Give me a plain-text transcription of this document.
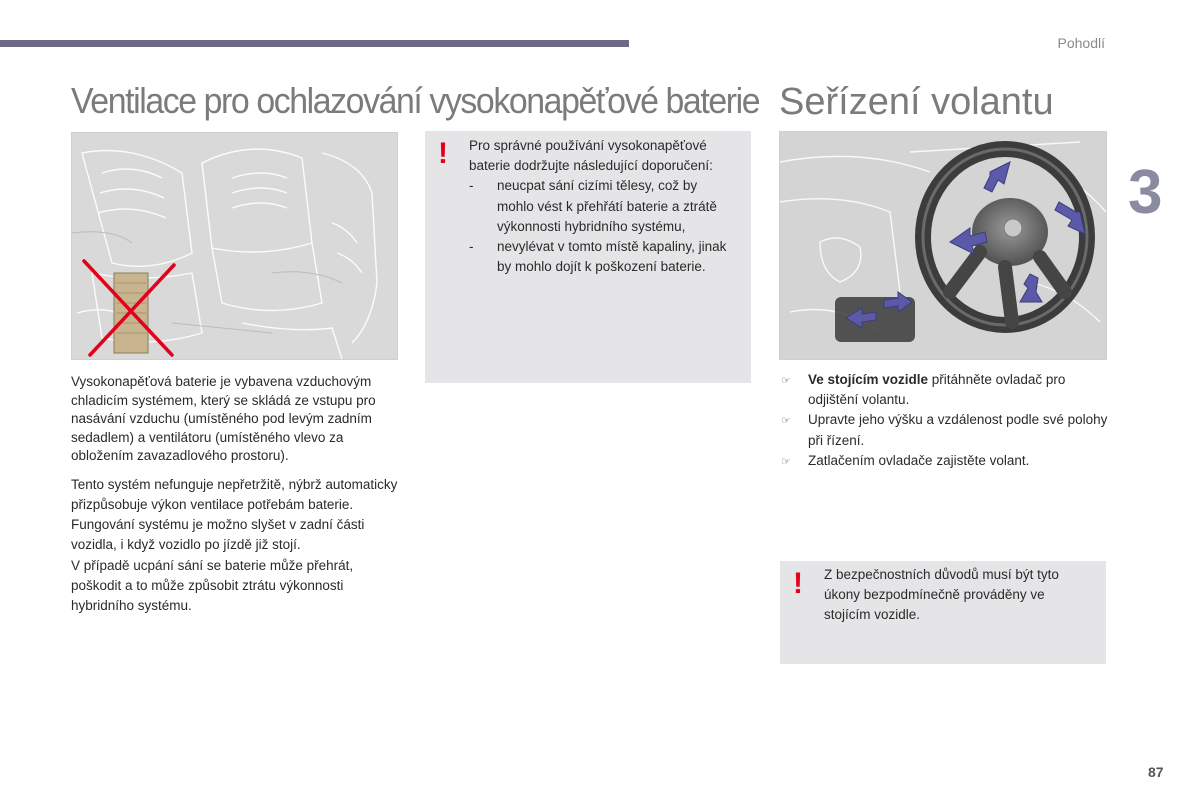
Pohodlí
3
Ventilace pro ochlazování vysokonapěťové baterie Seřízení volantu
! Pro správné používání vysokonapěťové baterie dodržujte následující doporučení:

-	neucpat sání cizími tělesy, což by mohlo vést k přehřátí baterie a ztrátě výkonnosti hybridního systému,
-	nevylévat v tomto místě kapaliny, jinak by mohlo dojít k poškození baterie.

Vysokonapěťová baterie je vybavena vzduchovým chladicím systémem, který se skládá ze vstupu pro nasávání vzduchu (umístěného pod levým zadním sedadlem) a ventilátoru (umístěného vlevo za obložením zavazadlového prostoru).

Tento systém nefunguje nepřetržitě, nýbrž automaticky přizpůsobuje výkon ventilace potřebám baterie.

Fungování systému je možno slyšet v zadní části vozidla, i když vozidlo po jízdě již stojí.

V případě ucpání sání se baterie může přehrát, poškodit a to může způsobit ztrátu výkonnosti hybridního systému.

☞	Ve stojícím vozidle přitáhněte ovladač pro odjištění volantu.
☞	Upravte jeho výšku a vzdálenost podle své polohy při řízení.
☞	Zatlačením ovladače zajistěte volant.
! Z bezpečnostních důvodů musí být tyto úkony bezpodmínečně prováděny ve stojícím vozidle.
87
